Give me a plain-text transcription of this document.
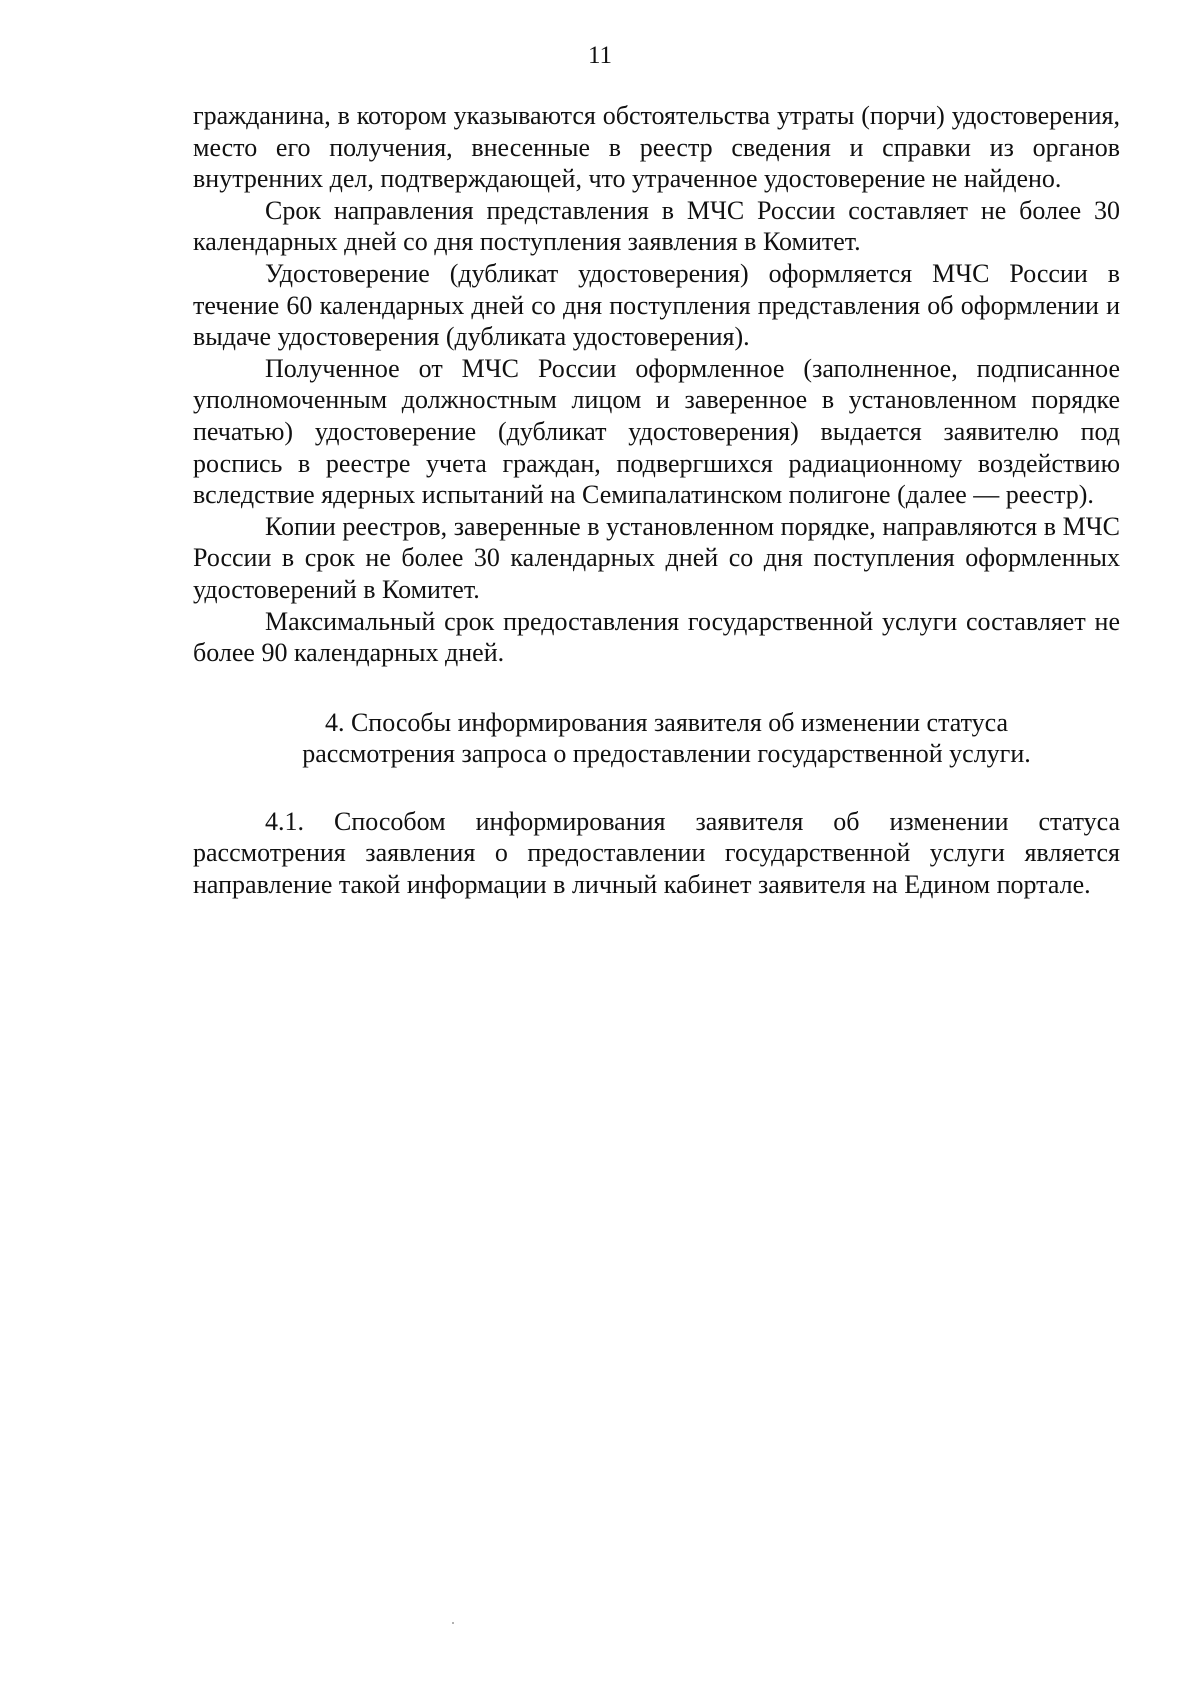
11

гражданина, в котором указываются обстоятельства утраты (порчи) удостоверения, место его получения, внесенные в реестр сведения и справки из органов внутренних дел, подтверждающей, что утраченное удостоверение не найдено.

Срок направления представления в МЧС России составляет не более 30 календарных дней со дня поступления заявления в Комитет.

Удостоверение (дубликат удостоверения) оформляется МЧС России в течение 60 календарных дней со дня поступления представления об оформлении и выдаче удостоверения (дубликата удостоверения).

Полученное от МЧС России оформленное (заполненное, подписанное уполномоченным должностным лицом и заверенное в установленном порядке печатью) удостоверение (дубликат удостоверения) выдается заявителю под роспись в реестре учета граждан, подвергшихся радиационному воздействию вследствие ядерных испытаний на Семипалатинском полигоне (далее — реестр).

Копии реестров, заверенные в установленном порядке, направляются в МЧС России в срок не более 30 календарных дней со дня поступления оформленных удостоверений в Комитет.

Максимальный срок предоставления государственной услуги составляет не более 90 календарных дней.

4. Способы информирования заявителя об изменении статуса
рассмотрения запроса о предоставлении государственной услуги.

4.1. Способом информирования заявителя об изменении статуса рассмотрения заявления о предоставлении государственной услуги является направление такой информации в личный кабинет заявителя на Едином портале.
